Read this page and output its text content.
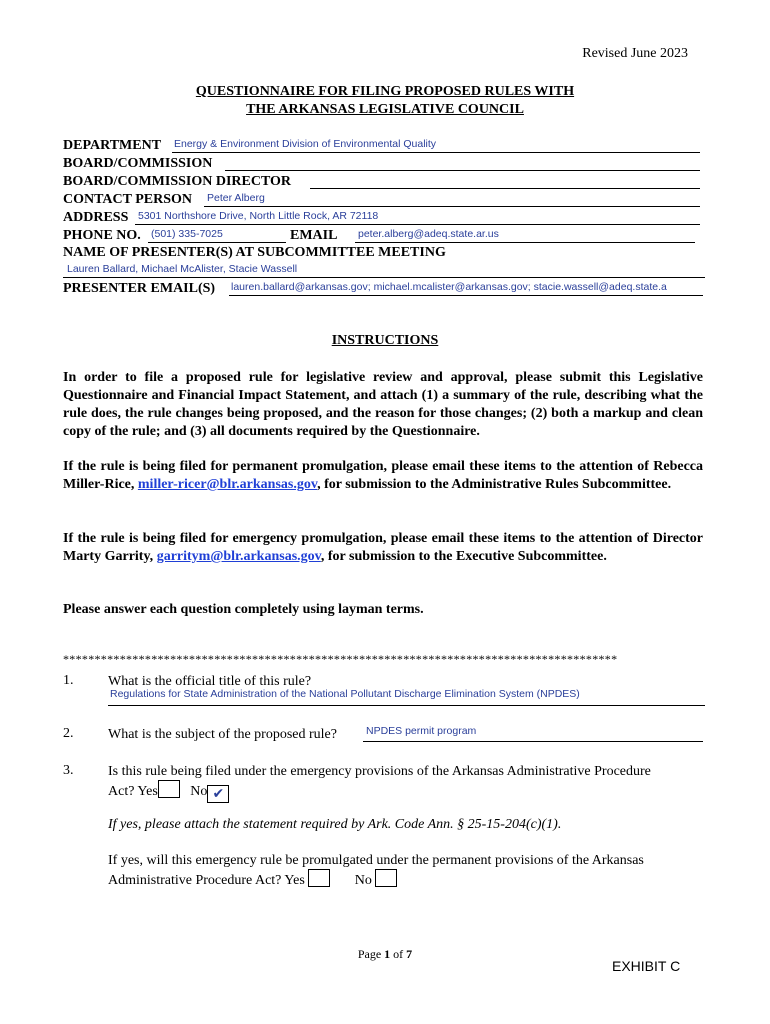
Revised June 2023
QUESTIONNAIRE FOR FILING PROPOSED RULES WITH
THE ARKANSAS LEGISLATIVE COUNCIL
DEPARTMENT Energy & Environment Division of Environmental Quality
BOARD/COMMISSION
BOARD/COMMISSION DIRECTOR
CONTACT PERSON Peter Alberg
ADDRESS 5301 Northshore Drive, North Little Rock, AR 72118
PHONE NO. (501) 335-7025	EMAIL peter.alberg@adeq.state.ar.us
NAME OF PRESENTER(S) AT SUBCOMMITTEE MEETING
Lauren Ballard, Michael McAlister, Stacie Wassell
PRESENTER EMAIL(S) lauren.ballard@arkansas.gov; michael.mcalister@arkansas.gov; stacie.wassell@adeq.state.a
INSTRUCTIONS
In order to file a proposed rule for legislative review and approval, please submit this Legislative Questionnaire and Financial Impact Statement, and attach (1) a summary of the rule, describing what the rule does, the rule changes being proposed, and the reason for those changes; (2) both a markup and clean copy of the rule; and (3) all documents required by the Questionnaire.
If the rule is being filed for permanent promulgation, please email these items to the attention of Rebecca Miller-Rice, miller-ricer@blr.arkansas.gov, for submission to the Administrative Rules Subcommittee.
If the rule is being filed for emergency promulgation, please email these items to the attention of Director Marty Garrity, garritym@blr.arkansas.gov, for submission to the Executive Subcommittee.
Please answer each question completely using layman terms.
****************************************************************************************
1. What is the official title of this rule?
Regulations for State Administration of the National Pollutant Discharge Elimination System (NPDES)
2. What is the subject of the proposed rule?	NPDES permit program
3. Is this rule being filed under the emergency provisions of the Arkansas Administrative Procedure
Act? Yes No ✔
If yes, please attach the statement required by Ark. Code Ann. § 25-15-204(c)(1).
If yes, will this emergency rule be promulgated under the permanent provisions of the Arkansas
Administrative Procedure Act? Yes	No
Page 1 of 7
EXHIBIT C
